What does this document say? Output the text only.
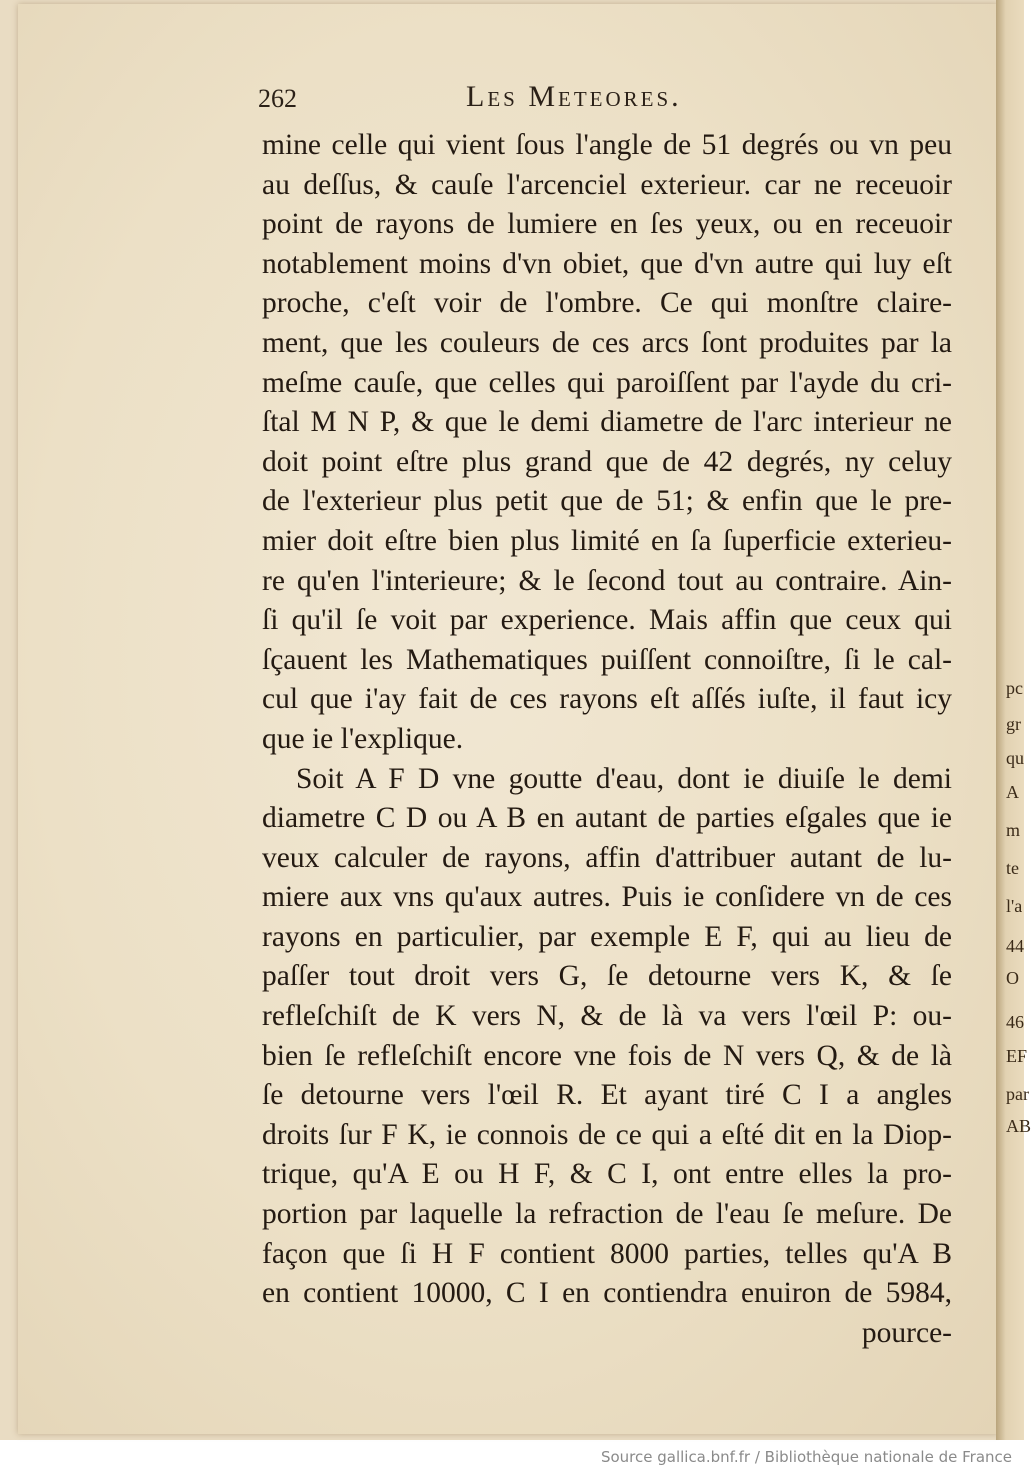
pc
gr
qu
A
m
te
l'a
44
O
46
EF
par
AB
262	Les Meteores.
mine celle qui vient ſous l'angle de 51 degrés ou vn peu
au deſſus, & cauſe l'arcenciel exterieur. car ne receuoir
point de rayons de lumiere en ſes yeux, ou en receuoir
notablement moins d'vn obiet, que d'vn autre qui luy eſt
proche, c'eſt voir de l'ombre. Ce qui monſtre claire-
ment, que les couleurs de ces arcs ſont produites par la
meſme cauſe, que celles qui paroiſſent par l'ayde du cri-
ſtal M N P, & que le demi diametre de l'arc interieur ne
doit point eſtre plus grand que de 42 degrés, ny celuy
de l'exterieur plus petit que de 51; & enfin que le pre-
mier doit eſtre bien plus limité en ſa ſuperficie exterieu-
re qu'en l'interieure; & le ſecond tout au contraire. Ain-
ſi qu'il ſe voit par experience. Mais affin que ceux qui
ſçauent les Mathematiques puiſſent connoiſtre, ſi le cal-
cul que i'ay fait de ces rayons eſt aſſés iuſte, il faut icy
que ie l'explique.
Soit A F D vne goutte d'eau, dont ie diuiſe le demi
diametre C D ou A B en autant de parties eſgales que ie
veux calculer de rayons, affin d'attribuer autant de lu-
miere aux vns qu'aux autres. Puis ie conſidere vn de ces
rayons en particulier, par exemple E F, qui au lieu de
paſſer tout droit vers G, ſe detourne vers K, & ſe
refleſchiſt de K vers N, & de là va vers l'œil P: ou-
bien ſe refleſchiſt encore vne fois de N vers Q, & de là
ſe detourne vers l'œil R. Et ayant tiré C I a angles
droits ſur F K, ie connois de ce qui a eſté dit en la Diop-
trique, qu'A E ou H F, & C I, ont entre elles la pro-
portion par laquelle la refraction de l'eau ſe meſure. De
façon que ſi H F contient 8000 parties, telles qu'A B
en contient 10000, C I en contiendra enuiron de 5984,
pource-
Source gallica.bnf.fr / Bibliothèque nationale de France
